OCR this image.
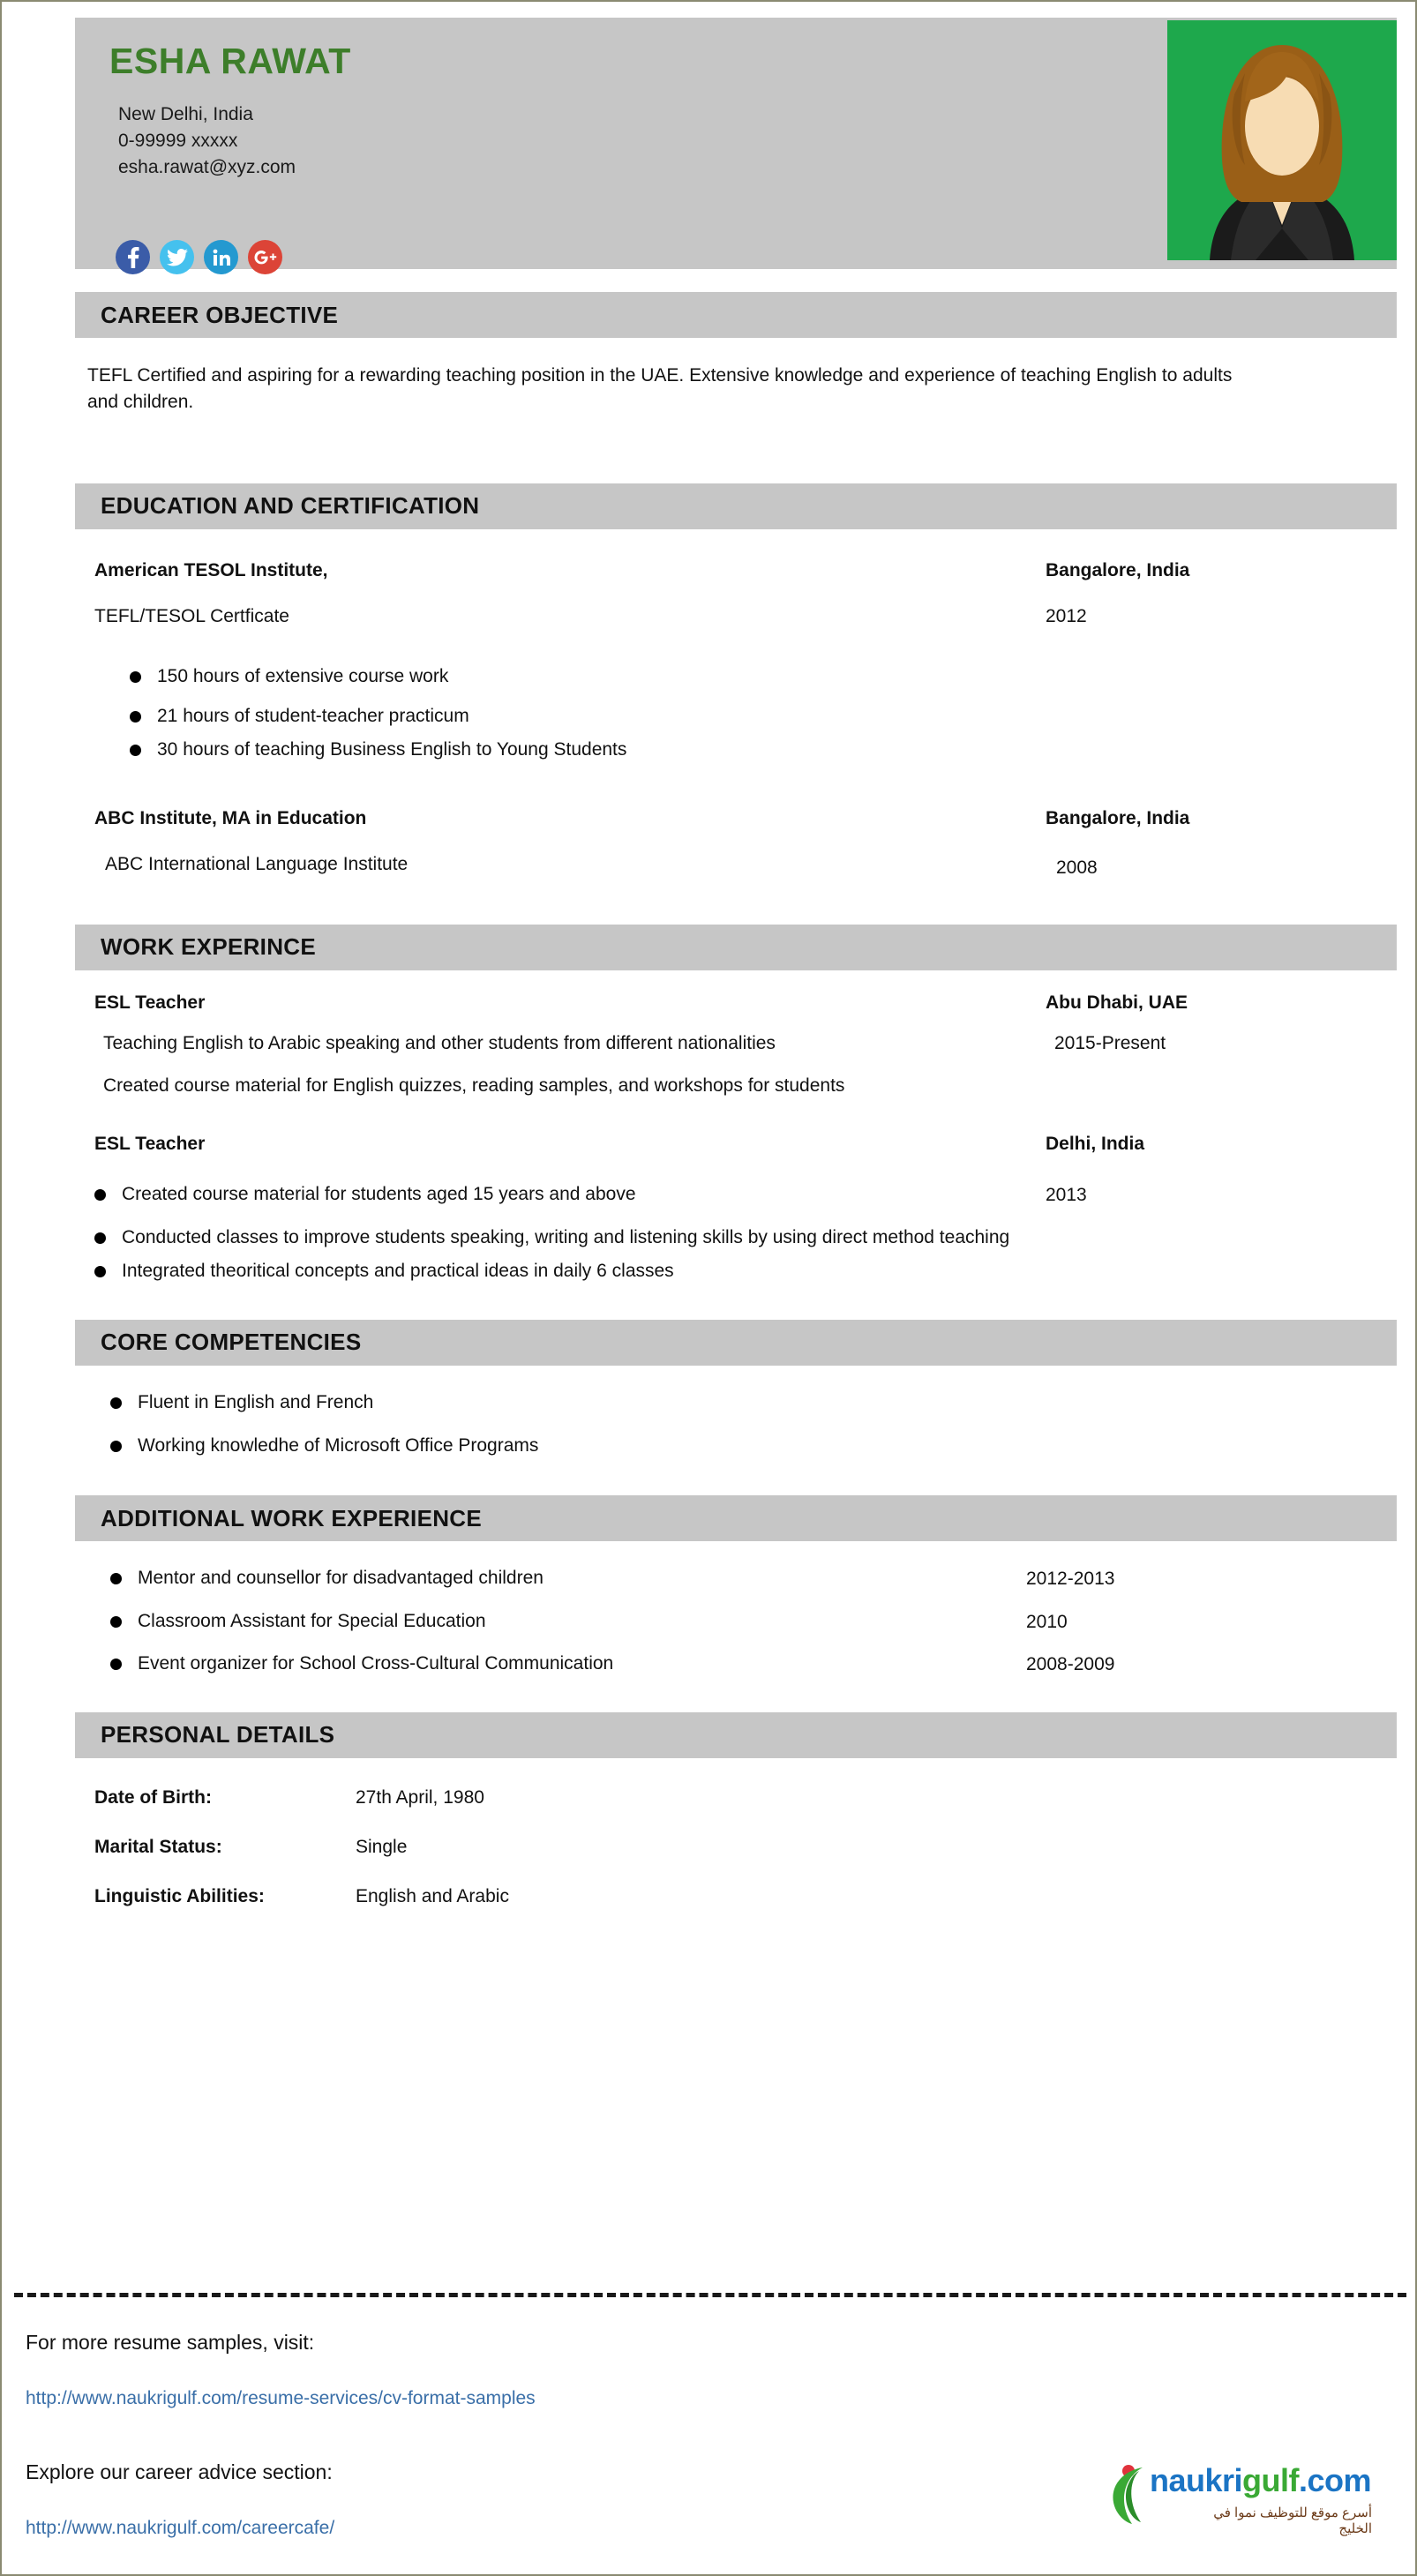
ESHA RAWAT
New Delhi, India
0-99999 xxxxx
esha.rawat@xyz.com
CAREER OBJECTIVE
TEFL Certified and aspiring for a rewarding teaching position in the UAE. Extensive knowledge and experience of teaching English to adults and children.
EDUCATION AND CERTIFICATION
American TESOL Institute,	Bangalore, India
TEFL/TESOL Certficate	2012
150 hours of extensive course work
21 hours of student-teacher practicum
30 hours of teaching Business English to Young Students
ABC Institute, MA in Education	Bangalore, India
ABC International Language Institute	2008
WORK EXPERINCE
ESL Teacher	Abu Dhabi, UAE
Teaching English to Arabic speaking and other students from different nationalities	2015-Present
Created course material for English quizzes, reading samples, and workshops for students
ESL Teacher	Delhi, India
Created course material for students aged 15 years and above	2013
Conducted classes to improve students speaking, writing and listening skills by using direct method teaching
Integrated theoritical concepts and practical ideas in daily 6 classes
CORE COMPETENCIES
Fluent in English and French
Working knowledhe of Microsoft Office Programs
ADDITIONAL WORK EXPERIENCE
Mentor and counsellor for disadvantaged children	2012-2013
Classroom Assistant for Special Education	2010
Event organizer for School Cross-Cultural Communication	2008-2009
PERSONAL DETAILS
Date of Birth:	27th April, 1980
Marital Status:	Single
Linguistic Abilities:	English and Arabic
For more resume samples, visit:
http://www.naukrigulf.com/resume-services/cv-format-samples
Explore our career advice section:
http://www.naukrigulf.com/careercafe/
naukrigulf.com
أسرع موقع للتوظيف نموا في الخليج
